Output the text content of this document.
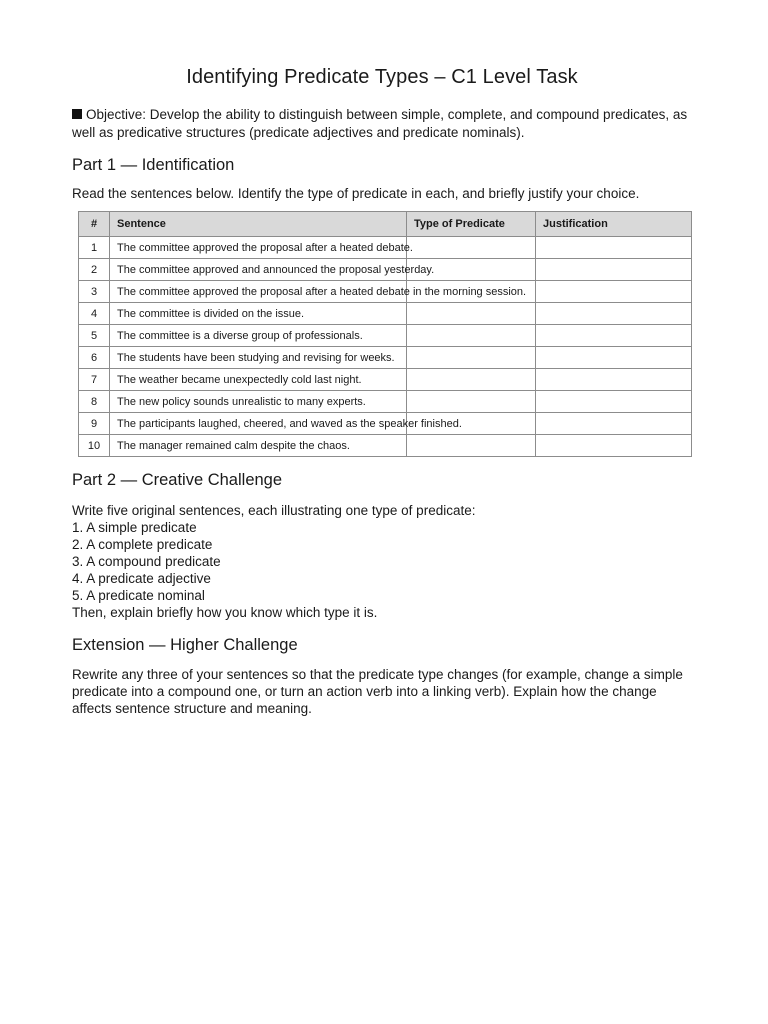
Identifying Predicate Types – C1 Level Task

Objective: Develop the ability to distinguish between simple, complete, and compound predicates, as well as predicative structures (predicate adjectives and predicate nominals).

Part 1 — Identification

Read the sentences below. Identify the type of predicate in each, and briefly justify your choice.

#	Sentence	Type of Predicate	Justification
1	The committee approved the proposal after a heated debate.		
2	The committee approved and announced the proposal yesterday.		
3	The committee approved the proposal after a heated debate in the morning session.		
4	The committee is divided on the issue.		
5	The committee is a diverse group of professionals.		
6	The students have been studying and revising for weeks.		
7	The weather became unexpectedly cold last night.		
8	The new policy sounds unrealistic to many experts.		
9	The participants laughed, cheered, and waved as the speaker finished.		
10	The manager remained calm despite the chaos.		
Part 2 — Creative Challenge
Write five original sentences, each illustrating one type of predicate:
1. A simple predicate
2. A complete predicate
3. A compound predicate
4. A predicate adjective
5. A predicate nominal
Then, explain briefly how you know which type it is.
Extension — Higher Challenge

Rewrite any three of your sentences so that the predicate type changes (for example, change a simple predicate into a compound one, or turn an action verb into a linking verb). Explain how the change affects sentence structure and meaning.
